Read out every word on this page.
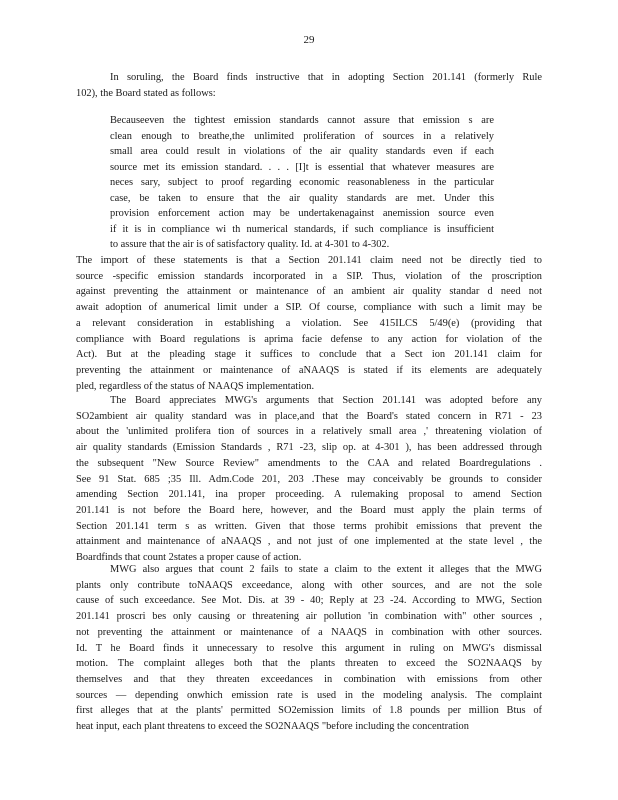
29
In soruling, the Board finds instructive that in adopting Section 201.141 (formerly Rule
102), the Board stated as follows:
Becauseeven the tightest emission standards cannot assure that emission s are
clean enough to breathe,the unlimited proliferation of sources in a relatively
small area could result in violations of the air quality standards even if each
source met its emission standard. . . . [I]t is essential that whatever measures are
neces sary, subject to proof regarding economic reasonableness in the particular
case, be taken to ensure that the air quality standards are met. Under this
provision enforcement action may be undertakenagainst anemission source even
if it is in compliance wi th numerical standards, if such compliance is insufficient
to assure that the air is of satisfactory quality. Id. at 4-301 to 4-302.
The import of these statements is that a Section 201.141 claim need not be directly tied to
source -specific emission standards incorporated in a SIP. Thus, violation of the proscription
against preventing the attainment or maintenance of an ambient air quality standar d need not
await adoption of anumerical limit under a SIP. Of course, compliance with such a limit may be
a relevant consideration in establishing a violation. See 415ILCS 5/49(e) (providing that
compliance with Board regulations is aprima facie defense to any action for violation of the
Act). But at the pleading stage it suffices to conclude that a Sect ion 201.141 claim for
preventing the attainment or maintenance of aNAAQS is stated if its elements are adequately
pled, regardless of the status of NAAQS implementation.
The Board appreciates MWG's arguments that Section 201.141 was adopted before any
SO2ambient air quality standard was in place,and that the Board's stated concern in R71 - 23
about the 'unlimited prolifera tion of sources in a relatively small area ,' threatening violation of
air quality standards (Emission Standards , R71 -23, slip op. at 4-301 ), has been addressed through
the subsequent "New Source Review" amendments to the CAA and related Boardregulations .
See 91 Stat. 685 ;35 Ill. Adm.Code 201, 203 .These may conceivably be grounds to consider
amending Section 201.141, ina proper proceeding. A rulemaking proposal to amend Section
201.141 is not before the Board here, however, and the Board must apply the plain terms of
Section 201.141 term s as written. Given that those terms prohibit emissions that prevent the
attainment and maintenance of aNAAQS , and not just of one implemented at the state level , the
Boardfinds that count 2states a proper cause of action.
MWG also argues that count 2 fails to state a claim to the extent it alleges that the MWG
plants only contribute toNAAQS exceedance, along with other sources, and are not the sole
cause of such exceedance. See Mot. Dis. at 39 - 40; Reply at 23 -24. According to MWG, Section
201.141 proscri bes only causing or threatening air pollution 'in combination with" other sources ,
not preventing the attainment or maintenance of a NAAQS in combination with other sources.
Id. T he Board finds it unnecessary to resolve this argument in ruling on MWG's dismissal
motion. The complaint alleges both that the plants threaten to exceed the SO2NAAQS by
themselves and that they threaten exceedances in combination with emissions from other
sources — depending onwhich emission rate is used in the modeling analysis. The complaint
first alleges that at the plants' permitted SO2emission limits of 1.8 pounds per million Btus of
heat input, each plant threatens to exceed the SO2NAAQS "before including the concentration
